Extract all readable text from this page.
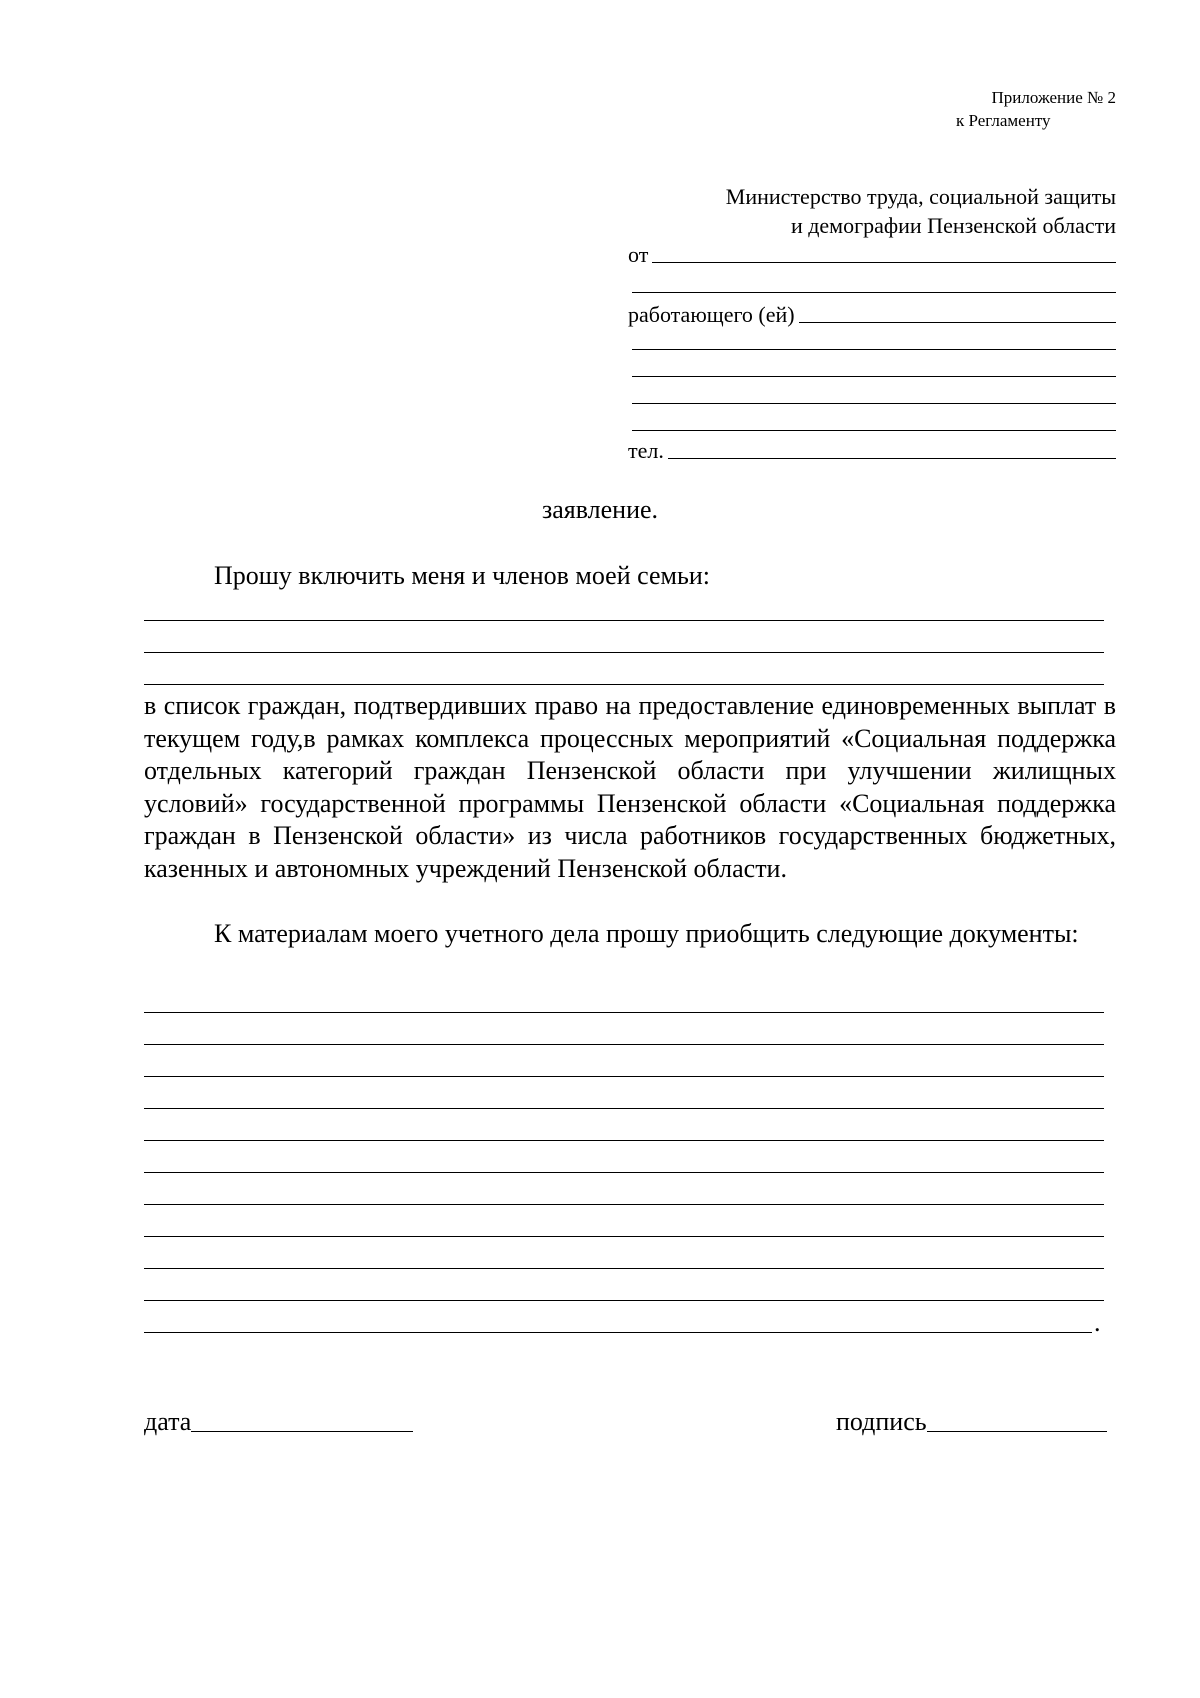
Приложение № 2
к Регламенту
Министерство труда, социальной защиты
и демографии Пензенской области
от
работающего (ей)
тел.
заявление.
Прошу включить меня и членов моей семьи:
в список граждан, подтвердивших право на предоставление единовременных выплат в текущем году,в рамках комплекса процессных мероприятий «Социальная поддержка отдельных категорий граждан Пензенской области при улучшении жилищных условий» государственной программы Пензенской области «Социальная поддержка граждан в Пензенской области» из числа работников государственных бюджетных, казенных и автономных учреждений Пензенской области.
К материалам моего учетного дела прошу приобщить следующие документы:
.
дата	подпись
